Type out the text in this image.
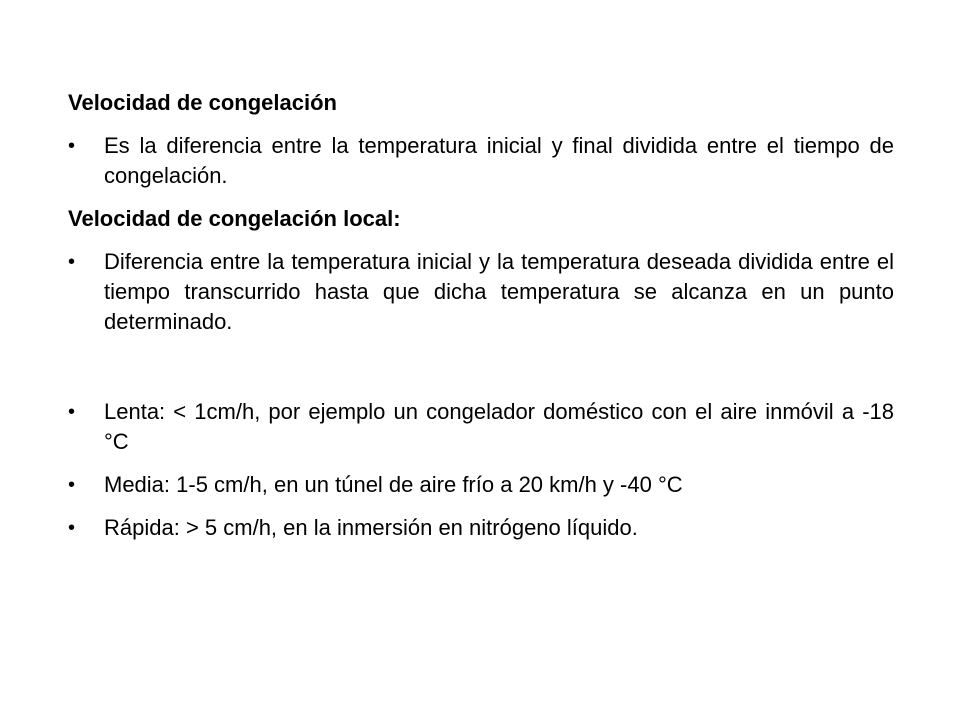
Velocidad de congelación
•	Es la diferencia entre la temperatura inicial y final dividida entre el tiempo de congelación.
Velocidad de congelación local:
•	Diferencia entre la temperatura inicial y la temperatura deseada dividida entre el tiempo transcurrido hasta que dicha temperatura se alcanza en un punto determinado.
•	Lenta: < 1cm/h, por ejemplo un congelador doméstico con el aire inmóvil a -18 °C
•	Media: 1-5 cm/h, en un túnel de aire frío a 20 km/h y -40 °C
•	Rápida: > 5 cm/h, en la inmersión en nitrógeno líquido.
